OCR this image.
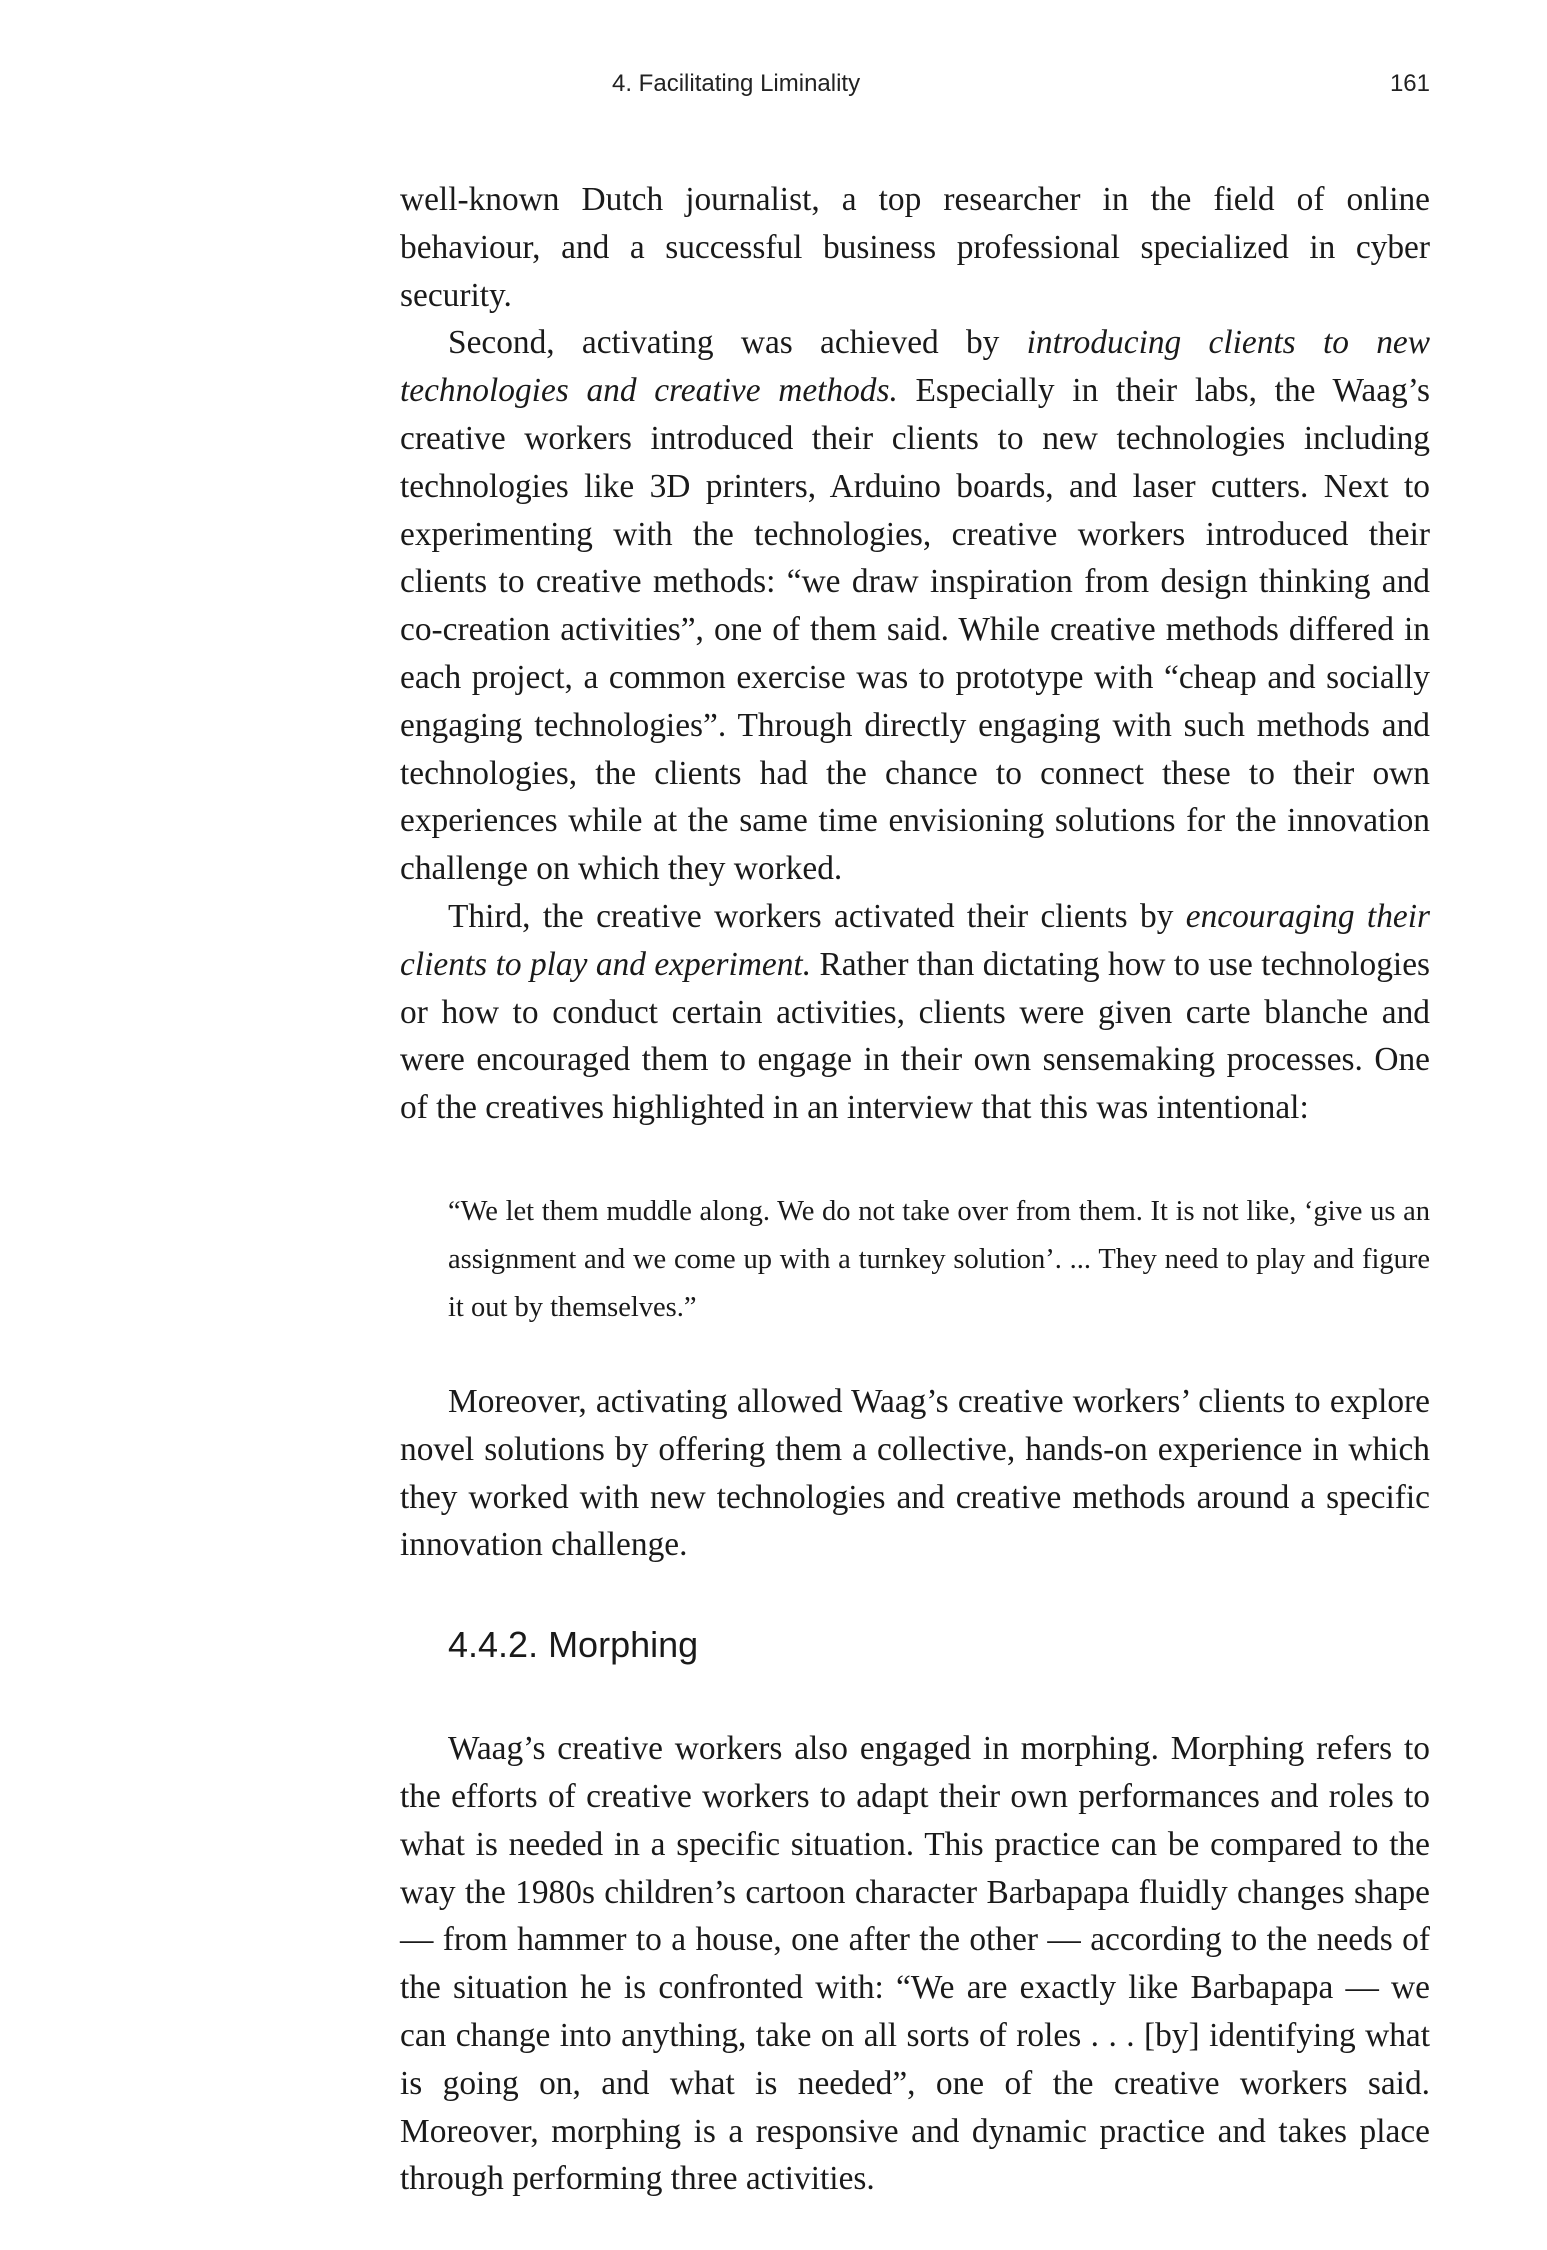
4. Facilitating Liminality	161

well-known Dutch journalist, a top researcher in the field of online behaviour, and a successful business professional specialized in cyber security.

Second, activating was achieved by introducing clients to new technologies and creative methods. Especially in their labs, the Waag’s creative workers introduced their clients to new technologies including technologies like 3D printers, Arduino boards, and laser cutters. Next to experimenting with the technologies, creative workers introduced their clients to creative methods: “we draw inspiration from design thinking and co-creation activities”, one of them said. While creative methods differed in each project, a common exercise was to prototype with “cheap and socially engaging technologies”. Through directly engaging with such methods and technologies, the clients had the chance to connect these to their own experiences while at the same time envisioning solutions for the innovation challenge on which they worked.

Third, the creative workers activated their clients by encouraging their clients to play and experiment. Rather than dictating how to use technologies or how to conduct certain activities, clients were given carte blanche and were encouraged them to engage in their own sensemaking processes. One of the creatives highlighted in an interview that this was intentional:

“We let them muddle along. We do not take over from them. It is not like, ‘give us an assignment and we come up with a turnkey solution’. ... They need to play and figure it out by themselves.”

Moreover, activating allowed Waag’s creative workers’ clients to explore novel solutions by offering them a collective, hands-on experience in which they worked with new technologies and creative methods around a specific innovation challenge.

4.4.2. Morphing

Waag’s creative workers also engaged in morphing. Morphing refers to the efforts of creative workers to adapt their own performances and roles to what is needed in a specific situation. This practice can be compared to the way the 1980s children’s cartoon character Barbapapa fluidly changes shape — from hammer to a house, one after the other — according to the needs of the situation he is confronted with: “We are exactly like Barbapapa — we can change into anything, take on all sorts of roles . . . [by] identifying what is going on, and what is needed”, one of the creative workers said. Moreover, morphing is a responsive and dynamic practice and takes place through performing three activities.
